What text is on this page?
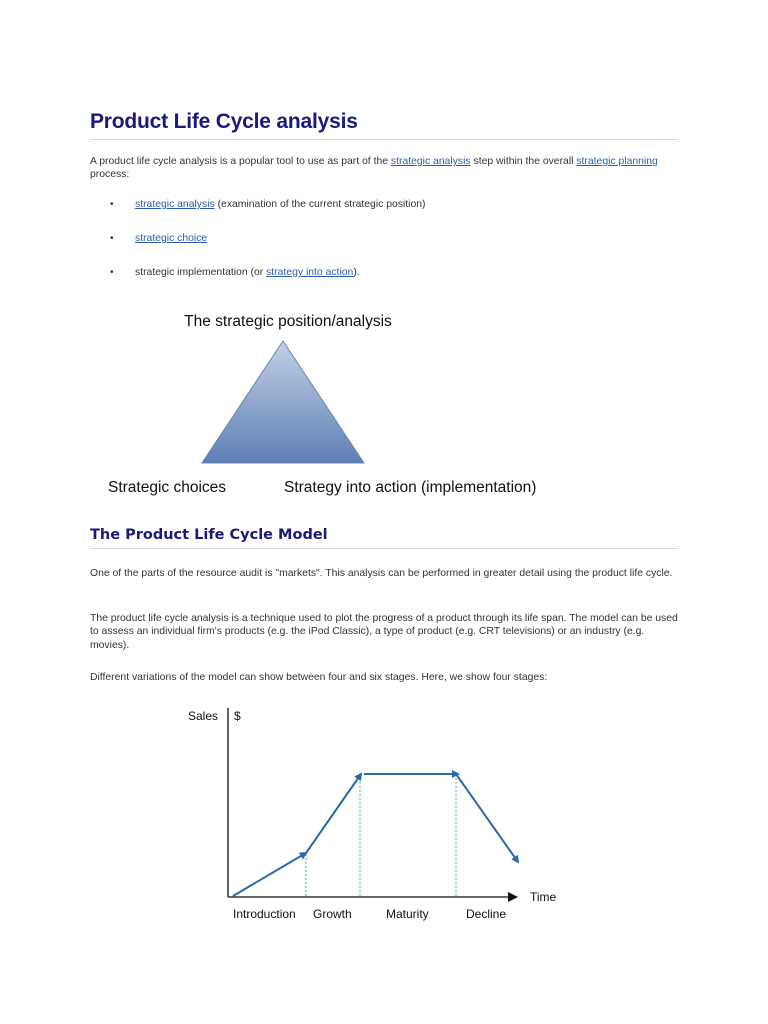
Product Life Cycle analysis

A product life cycle analysis is a popular tool to use as part of the strategic analysis step within the overall strategic planning process:

• strategic analysis (examination of the current strategic position)
• strategic choice
• strategic implementation (or strategy into action).
The Product Life Cycle Model

One of the parts of the resource audit is "markets". This analysis can be performed in greater detail using the product life cycle.

The product life cycle analysis is a technique used to plot the progress of a product through its life span. The model can be used to assess an individual firm's products (e.g. the iPod Classic), a type of product (e.g. CRT televisions) or an industry (e.g. movies).

Different variations of the model can show between four and six stages. Here, we show four stages:

The strategic position/analysis
Strategic choices	Strategy into action (implementation)
Sales $
Time
Introduction Growth	Maturity	Decline
